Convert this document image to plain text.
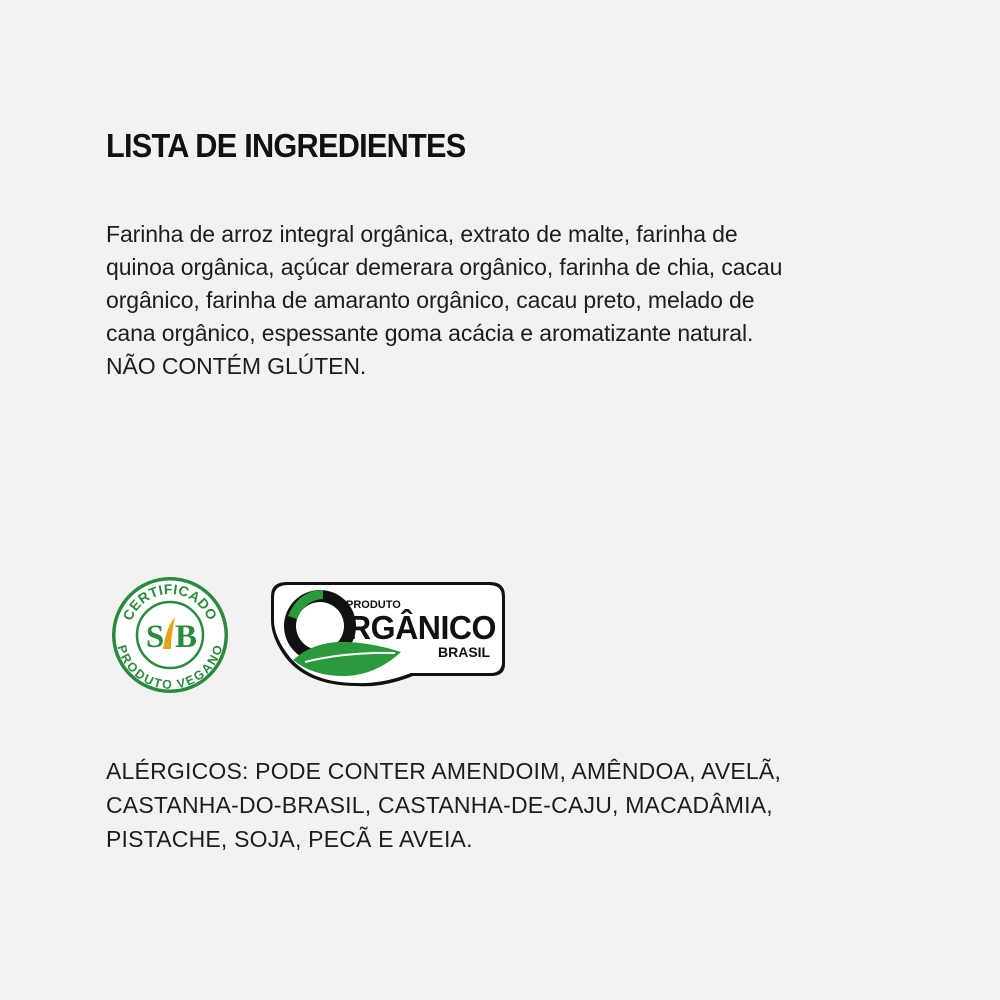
LISTA DE INGREDIENTES

Farinha de arroz integral orgânica, extrato de malte, farinha de
quinoa orgânica, açúcar demerara orgânico, farinha de chia, cacau
orgânico, farinha de amaranto orgânico, cacau preto, melado de
cana orgânico, espessante goma acácia e aromatizante natural.
NÃO CONTÉM GLÚTEN.

CERTIFICADO
PRODUTO VEGANO
S B
PRODUTO
RGÂNICO
BRASIL

ALÉRGICOS: PODE CONTER AMENDOIM, AMÊNDOA, AVELÃ,
CASTANHA-DO-BRASIL, CASTANHA-DE-CAJU, MACADÂMIA,
PISTACHE, SOJA, PECÃ E AVEIA.
